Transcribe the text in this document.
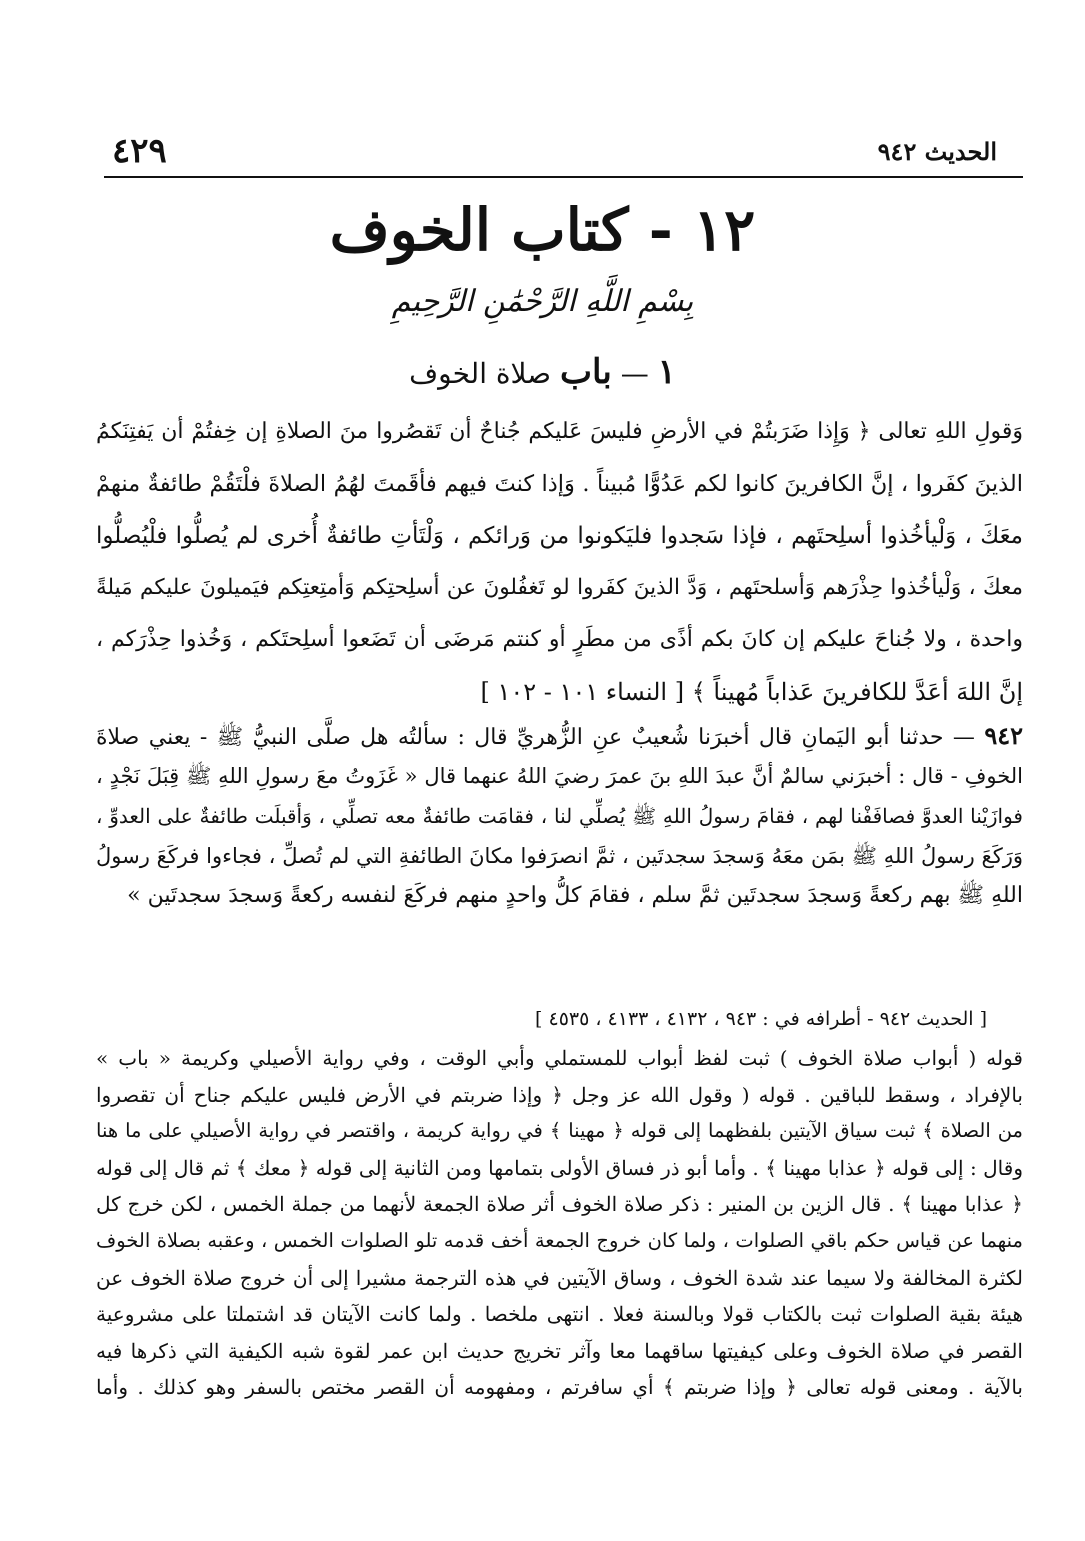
الحديث ٩٤٢
٤٢٩
١٢ - كتاب الخوف
بِسْمِ اللَّهِ الرَّحْمَٰنِ الرَّحِيمِ
١ — باب صلاة الخوف
وَقولِ اللهِ تعالى ﴿ وَإِذا ضَرَبتُمْ في الأرضِ فليسَ عَليكم جُناحٌ أن تَقصُروا منَ الصلاةِ إن خِفتُمْ أن يَفتِنَكمُ
الذينَ كفَروا ، إنَّ الكافرينَ كانوا لكم عَدُوًّا مُبيناً . وَإذا كنتَ فيهم فأقَمتَ لهُمُ الصلاةَ فلْتَقُمْ طائفةٌ منهمْ
معَكَ ، وَلْيأخُذوا أسلِحتَهم ، فإذا سَجدوا فليَكونوا من وَرائكم ، وَلْتَأتِ طائفةٌ أُخرى لم يُصلُّوا فلْيُصلُّوا
معكَ ، وَلْيأخُذوا حِذْرَهم وَأسلحتَهم ، وَدَّ الذينَ كفَروا لو تَغفُلونَ عن أسلِحتِكم وَأمتِعتِكم فيَميلونَ عليكم مَيلةً
واحدة ، ولا جُناحَ عليكم إن كانَ بكم أذًى من مطَرٍ أو كنتم مَرضَى أن تَضَعوا أسلِحتَكم ، وَخُذوا حِذْرَكم ،
إنَّ اللهَ أعَدَّ للكافرينَ عَذاباً مُهيناً ﴾ [ النساء ١٠١ - ١٠٢ ]
٩٤٢ — حدثنا أبو اليَمانِ قال أخبرَنا شُعيبٌ عنِ الزُّهريِّ قال : سألتُه هل صلَّى النبيُّ ﷺ - يعني صلاةَ
الخوفِ - قال : أخبرَني سالمٌ أنَّ عبدَ اللهِ بنَ عمرَ رضيَ اللهُ عنهما قال « غَزَوتُ معَ رسولِ اللهِ ﷺ قِبَلَ نَجْدٍ ،
فوازَيْنا العدوَّ فصافَفْنا لهم ، فقامَ رسولُ اللهِ ﷺ يُصلِّي لنا ، فقامَت طائفةٌ معه تصلِّي ، وَأقبلَت طائفةٌ على العدوِّ ،
وَرَكَعَ رسولُ اللهِ ﷺ بمَن معَهُ وَسجدَ سجدتَين ، ثمَّ انصرَفوا مكانَ الطائفةِ التي لم تُصلِّ ، فجاءوا فركَعَ رسولُ
اللهِ ﷺ بهم ركعةً وَسجدَ سجدتَين ثمَّ سلم ، فقامَ كلُّ واحدٍ منهم فركَعَ لنفسه ركعةً وَسجدَ سجدتَين »
[ الحديث ٩٤٢ - أطرافه في : ٩٤٣ ، ٤١٣٢ ، ٤١٣٣ ، ٤٥٣٥ ]
قوله ( أبواب صلاة الخوف ) ثبت لفظ أبواب للمستملي وأبي الوقت ، وفي رواية الأصيلي وكريمة « باب »
بالإفراد ، وسقط للباقين . قوله ( وقول الله عز وجل ﴿ وإذا ضربتم في الأرض فليس عليكم جناح أن تقصروا
من الصلاة ﴾ ثبت سياق الآيتين بلفظهما إلى قوله ﴿ مهينا ﴾ في رواية كريمة ، واقتصر في رواية الأصيلي على ما هنا
وقال : إلى قوله ﴿ عذابا مهينا ﴾ . وأما أبو ذر فساق الأولى بتمامها ومن الثانية إلى قوله ﴿ معك ﴾ ثم قال إلى قوله
﴿ عذابا مهينا ﴾ . قال الزين بن المنير : ذكر صلاة الخوف أثر صلاة الجمعة لأنهما من جملة الخمس ، لكن خرج كل
منهما عن قياس حكم باقي الصلوات ، ولما كان خروج الجمعة أخف قدمه تلو الصلوات الخمس ، وعقبه بصلاة الخوف
لكثرة المخالفة ولا سيما عند شدة الخوف ، وساق الآيتين في هذه الترجمة مشيرا إلى أن خروج صلاة الخوف عن
هيئة بقية الصلوات ثبت بالكتاب قولا وبالسنة فعلا . انتهى ملخصا . ولما كانت الآيتان قد اشتملتا على مشروعية
القصر في صلاة الخوف وعلى كيفيتها ساقهما معا وآثر تخريج حديث ابن عمر لقوة شبه الكيفية التي ذكرها فيه
بالآية . ومعنى قوله تعالى ﴿ وإذا ضربتم ﴾ أي سافرتم ، ومفهومه أن القصر مختص بالسفر وهو كذلك . وأما
